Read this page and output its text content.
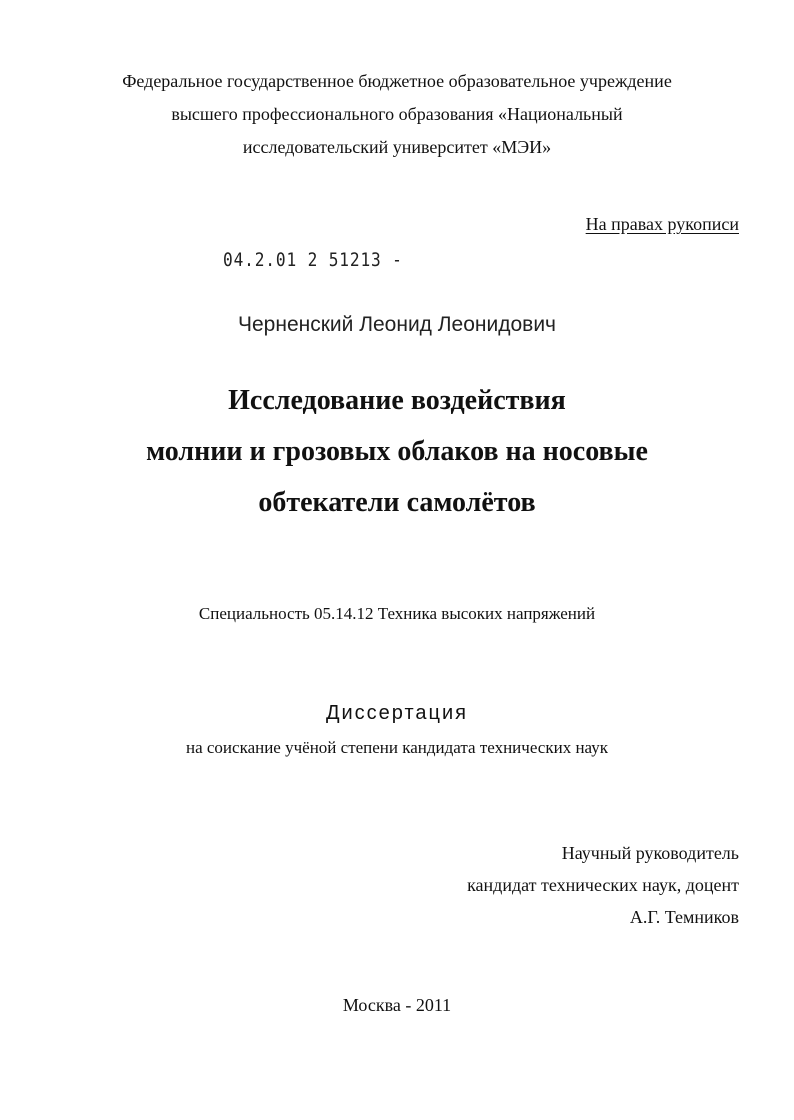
Федеральное государственное бюджетное образовательное учреждение
высшего профессионального образования «Национальный
исследовательский университет «МЭИ»
На правах рукописи
04.2.01 2 51213 -
Черненский Леонид Леонидович
Исследование воздействия
молнии и грозовых облаков на носовые
обтекатели самолётов
Специальность 05.14.12 Техника высоких напряжений
Диссертация
на соискание учёной степени кандидата технических наук
Научный руководитель
кандидат технических наук, доцент
А.Г. Темников
Москва - 2011
